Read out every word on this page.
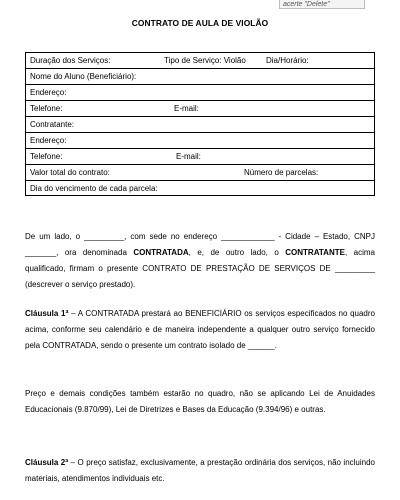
acerte "Delete"
CONTRATO DE AULA DE VIOLÃO
Duração dos Serviços:	Tipo de Serviço: Violão	Dia/Horário:
Nome do Aluno (Beneficiário):
Endereço:
Telefone:	E-mail:
Contratante:
Endereço:
Telefone:	E-mail:
Valor total do contrato:	Número de parcelas:
Dia do vencimento de cada parcela:

De um lado, o _________, com sede no endereço ____________ - Cidade – Estado, CNPJ _______, ora denominada CONTRATADA, e, de outro lado, o CONTRATANTE, acima qualificado, firmam o presente CONTRATO DE PRESTAÇÃO DE SERVIÇOS DE _________ (descrever o serviço prestado).

Cláusula 1ª – A CONTRATADA prestará ao BENEFICIÁRIO os serviços especificados no quadro acima, conforme seu calendário e de maneira independente a qualquer outro serviço fornecido pela CONTRATADA, sendo o presente um contrato isolado de ______.

Preço e demais condições também estarão no quadro, não se aplicando Lei de Anuidades Educacionais (9.870/99), Lei de Diretrizes e Bases da Educação (9.394/96) e outras.

Cláusula 2ª – O preço satisfaz, exclusivamente, a prestação ordinária dos serviços, não incluindo materiais, atendimentos individuais etc.
